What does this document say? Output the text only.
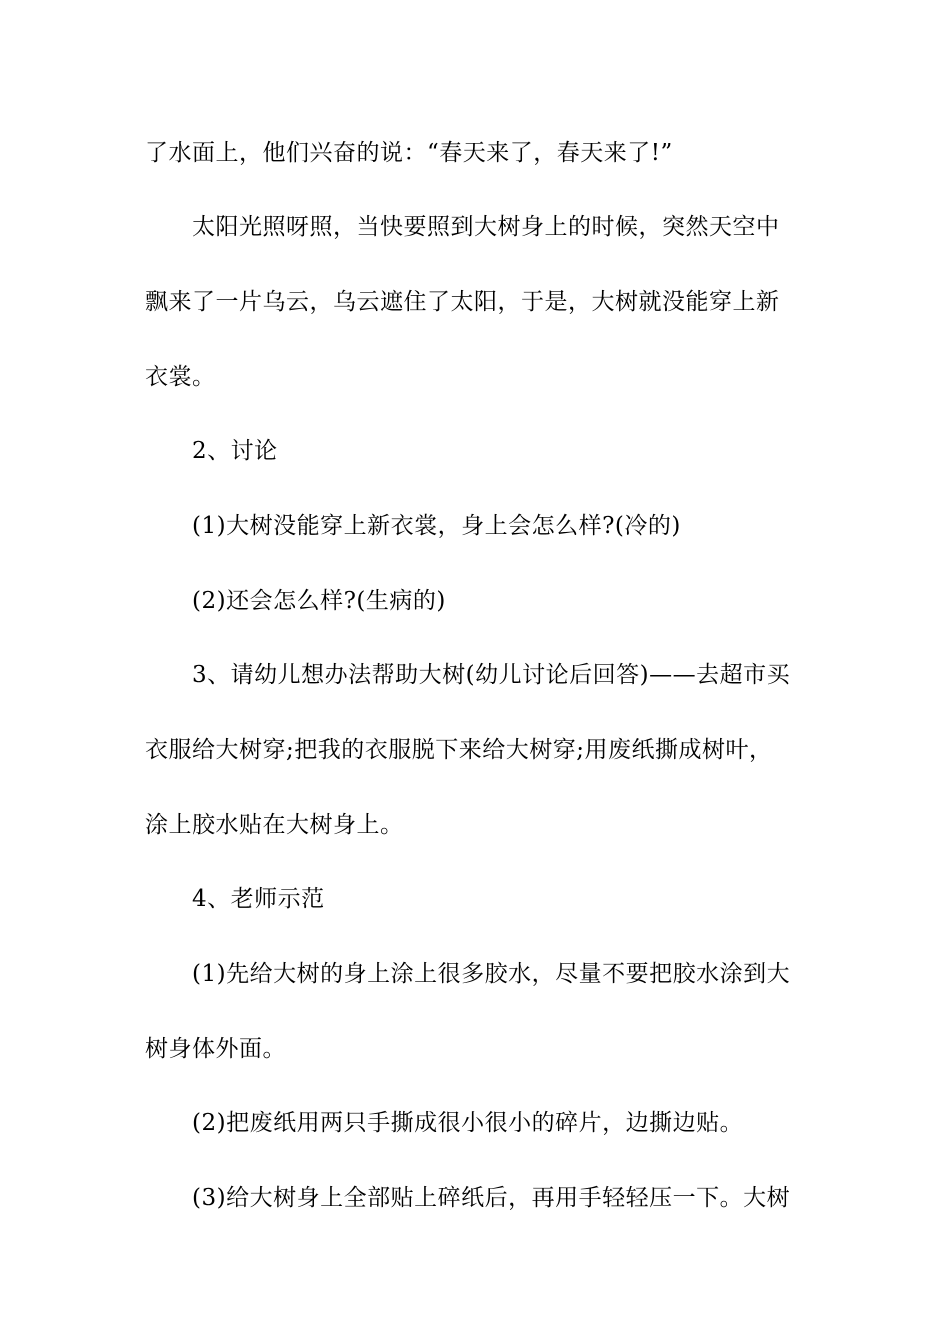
了水面上，他们兴奋的说：“春天来了，春天来了!”
太阳光照呀照，当快要照到大树身上的时候，突然天空中
飘来了一片乌云，乌云遮住了太阳，于是，大树就没能穿上新
衣裳。
2、讨论
(1)大树没能穿上新衣裳，身上会怎么样?(冷的)
(2)还会怎么样?(生病的)
3、请幼儿想办法帮助大树(幼儿讨论后回答)——去超市买
衣服给大树穿;把我的衣服脱下来给大树穿;用废纸撕成树叶，
涂上胶水贴在大树身上。
4、老师示范
(1)先给大树的身上涂上很多胶水，尽量不要把胶水涂到大
树身体外面。
(2)把废纸用两只手撕成很小很小的碎片，边撕边贴。
(3)给大树身上全部贴上碎纸后，再用手轻轻压一下。大树
